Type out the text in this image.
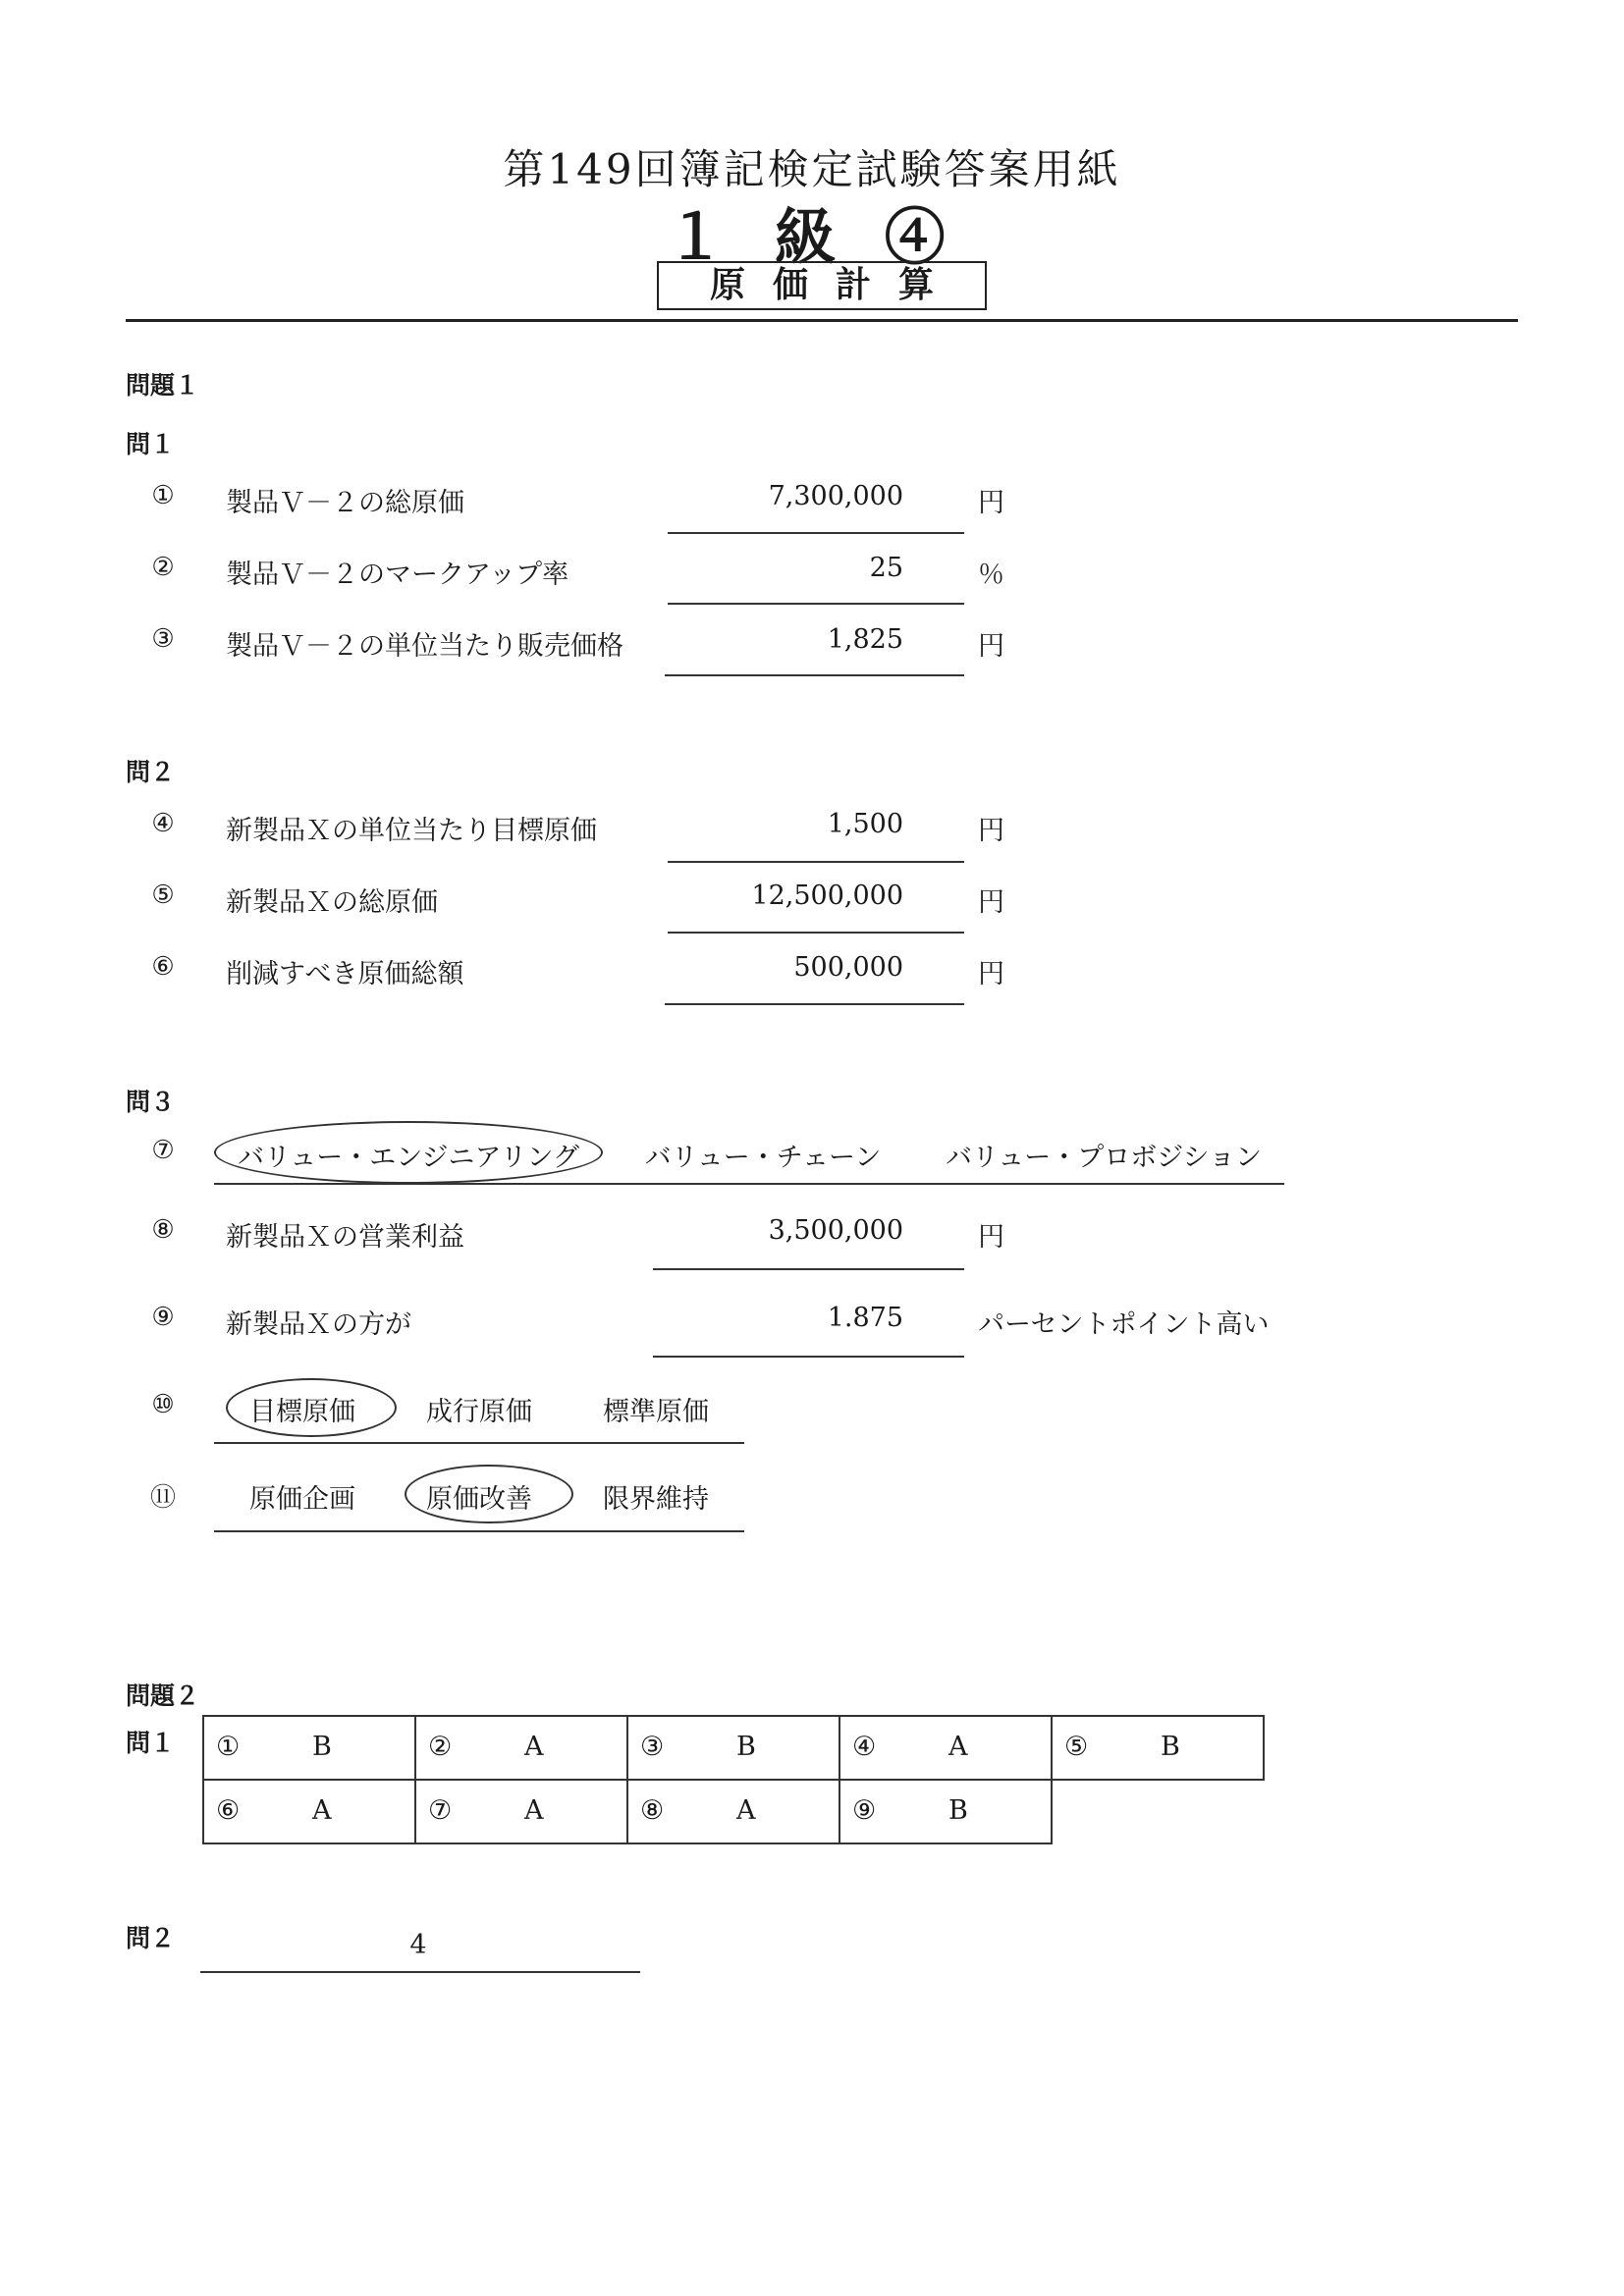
第149回簿記検定試験答案用紙
１ 級 ④
原価計算
問題１
問１
①	製品Ｖ－２の総原価	7,300,000	円
②	製品Ｖ－２のマークアップ率	25	％
③	製品Ｖ－２の単位当たり販売価格	1,825	円
問２
④	新製品Ｘの単位当たり目標原価	1,500	円
⑤	新製品Ｘの総原価	12,500,000	円
⑥	削減すべき原価総額	500,000	円
問３
⑦	バリュー・エンジニアリング	バリュー・チェーン	バリュー・プロボジション
⑧	新製品Ｘの営業利益	3,500,000	円
⑨	新製品Ｘの方が	1.875	パーセントポイント高い
⑩	目標原価	成行原価	標準原価
⑪	原価企画	原価改善	限界維持
問題２
問１ ① B	② A	③ B	④ A	⑤ B

⑥ A	⑦ A	⑧ A	⑨ B	

問２	4
